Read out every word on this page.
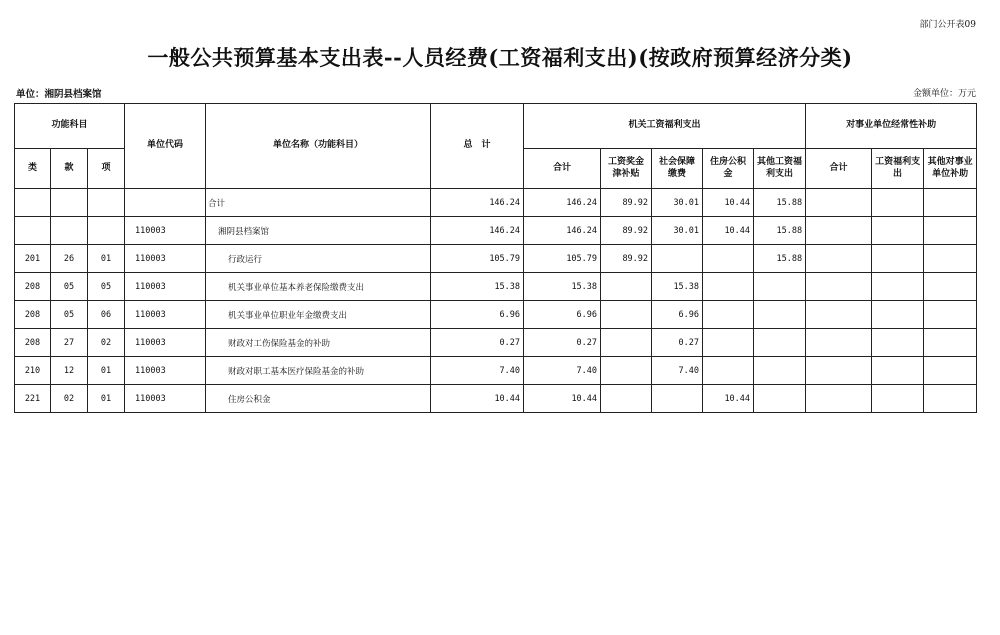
部门公开表09
一般公共预算基本支出表--人员经费(工资福利支出)(按政府预算经济分类)
单位：湘阴县档案馆	金额单位：万元
功能科目			单位代码	单位名称（功能科目）	总　计	机关工资福利支出					对事业单位经常性补助		
类	款	项				合计	工资奖金津补贴	社会保障缴费	住房公积金	其他工资福利支出	合计	工资福利支出	其他对事业单位补助
				合计	146.24	146.24	89.92	30.01	10.44	15.88			
			110003	湘阴县档案馆	146.24	146.24	89.92	30.01	10.44	15.88			
201	26	01	110003	行政运行	105.79	105.79	89.92			15.88			
208	05	05	110003	机关事业单位基本养老保险缴费支出	15.38	15.38		15.38					
208	05	06	110003	机关事业单位职业年金缴费支出	6.96	6.96		6.96					
208	27	02	110003	财政对工伤保险基金的补助	0.27	0.27		0.27					
210	12	01	110003	财政对职工基本医疗保险基金的补助	7.40	7.40		7.40					
221	02	01	110003	住房公积金	10.44	10.44			10.44				
